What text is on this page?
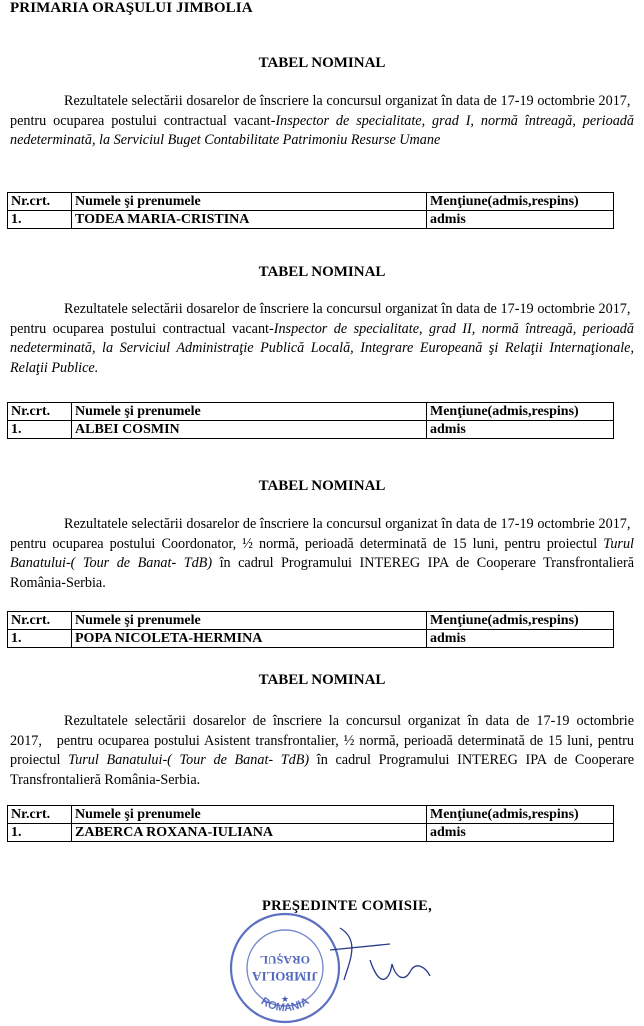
PRIMARIA ORAŞULUI JIMBOLIA
TABEL NOMINAL
Rezultatele selectării dosarelor de înscriere la concursul organizat în data de 17-19 octombrie 2017,  pentru ocuparea postului contractual vacant-Inspector de specialitate, grad I, normă întreagă, perioadă nedeterminată, la Serviciul Buget Contabilitate Patrimoniu Resurse Umane
Nr.crt.	Numele şi prenumele	Menţiune(admis,respins)
1.	TODEA MARIA-CRISTINA	admis
TABEL NOMINAL
Rezultatele selectării dosarelor de înscriere la concursul organizat în data de 17-19 octombrie 2017,  pentru ocuparea postului contractual vacant-Inspector de specialitate, grad II, normă întreagă, perioadă nedeterminată, la Serviciul Administraţie Publică Locală, Integrare Europeană şi Relaţii Internaţionale, Relaţii Publice.
Nr.crt.	Numele şi prenumele	Menţiune(admis,respins)
1.	ALBEI COSMIN	admis
TABEL NOMINAL
Rezultatele selectării dosarelor de înscriere la concursul organizat în data de 17-19 octombrie 2017,  pentru ocuparea postului Coordonator, ½ normă, perioadă determinată de 15 luni, pentru proiectul Turul Banatului-( Tour de Banat- TdB) în cadrul Programului INTEREG IPA de Cooperare Transfrontalieră România-Serbia.
Nr.crt.	Numele şi prenumele	Menţiune(admis,respins)
1.	POPA NICOLETA-HERMINA	admis
TABEL NOMINAL
Rezultatele selectării dosarelor de înscriere la concursul organizat în data de 17-19 octombrie 2017,   pentru ocuparea postului Asistent transfrontalier, ½ normă, perioadă determinată de 15 luni, pentru proiectul Turul Banatului-( Tour de Banat- TdB) în cadrul Programului INTEREG IPA de Cooperare Transfrontalieră România-Serbia.
Nr.crt.	Numele şi prenumele	Menţiune(admis,respins)
1.	ZABERCA ROXANA-IULIANA	admis
ROMANIA
JIMBOLIA
ORAŞUL
★
PREŞEDINTE COMISIE,
